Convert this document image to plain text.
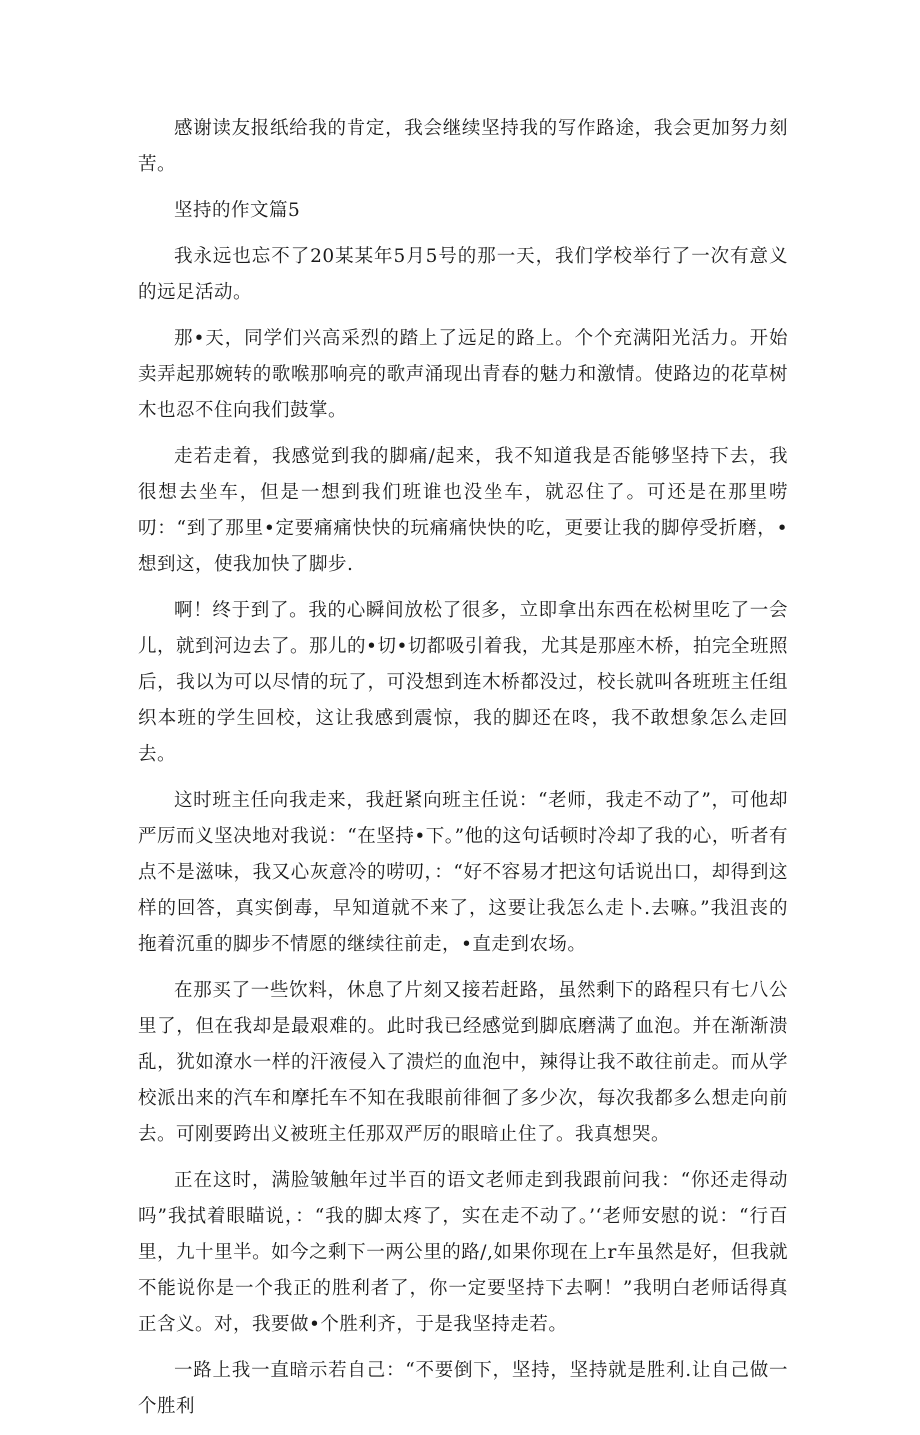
感谢读友报纸给我的肯定，我会继续坚持我的写作路途，我会更加努力刻苦。

坚持的作文篇5

我永远也忘不了20某某年5月5号的那一天，我们学校举行了一次有意义的远足活动。

那•天，同学们兴高采烈的踏上了远足的路上。个个充满阳光活力。开始卖弄起那婉转的歌喉那响亮的歌声涌现出青春的魅力和激情。使路边的花草树木也忍不住向我们鼓掌。

走若走着，我感觉到我的脚痛/起来，我不知道我是否能够坚持下去，我很想去坐车，但是一想到我们班谁也没坐车，就忍住了。可还是在那里唠叨：“到了那里•定要痛痛快快的玩痛痛快快的吃，更要让我的脚停受折磨，•想到这，使我加快了脚步.

啊！终于到了。我的心瞬间放松了很多，立即拿出东西在松树里吃了一会儿，就到河边去了。那儿的•切•切都吸引着我，尤其是那座木桥，拍完全班照后，我以为可以尽情的玩了，可没想到连木桥都没过，校长就叫各班班主任组织本班的学生回校，这让我感到震惊，我的脚还在咚，我不敢想象怎么走回去。

这时班主任向我走来，我赶紧向班主任说：“老师，我走不动了”，可他却严厉而义坚决地对我说：“在坚持•下。”他的这句话顿时冷却了我的心，听者有点不是滋味，我又心灰意冷的唠叨，：“好不容易才把这句话说出口，却得到这样的回答，真实倒毒，早知道就不来了，这要让我怎么走卜.去嘛。”我沮丧的拖着沉重的脚步不情愿的继续往前走，•直走到农场。

在那买了一些饮料，休息了片刻又接若赶路，虽然剩下的路程只有七八公里了，但在我却是最艰难的。此时我已经感觉到脚底磨满了血泡。并在渐渐溃乱，犹如潦水一样的汗液侵入了溃烂的血泡中，辣得让我不敢往前走。而从学校派出来的汽车和摩托车不知在我眼前徘徊了多少次，每次我都多么想走向前去。可刚要跨出义被班主任那双严厉的眼暗止住了。我真想哭。

正在这时，满脸皱触年过半百的语文老师走到我跟前问我：“你还走得动吗”我拭着眼瞄说，：“我的脚太疼了，实在走不动了。’‘老师安慰的说：“行百里，九十里半。如今之剩下一两公里的路/,如果你现在上r车虽然是好，但我就不能说你是一个我正的胜利者了，你一定要坚持下去啊！”我明白老师话得真正含义。对，我要做•个胜利齐，于是我坚持走若。

一路上我一直暗示若自己：“不要倒下，坚持，坚持就是胜利.让自己做一个胜利
